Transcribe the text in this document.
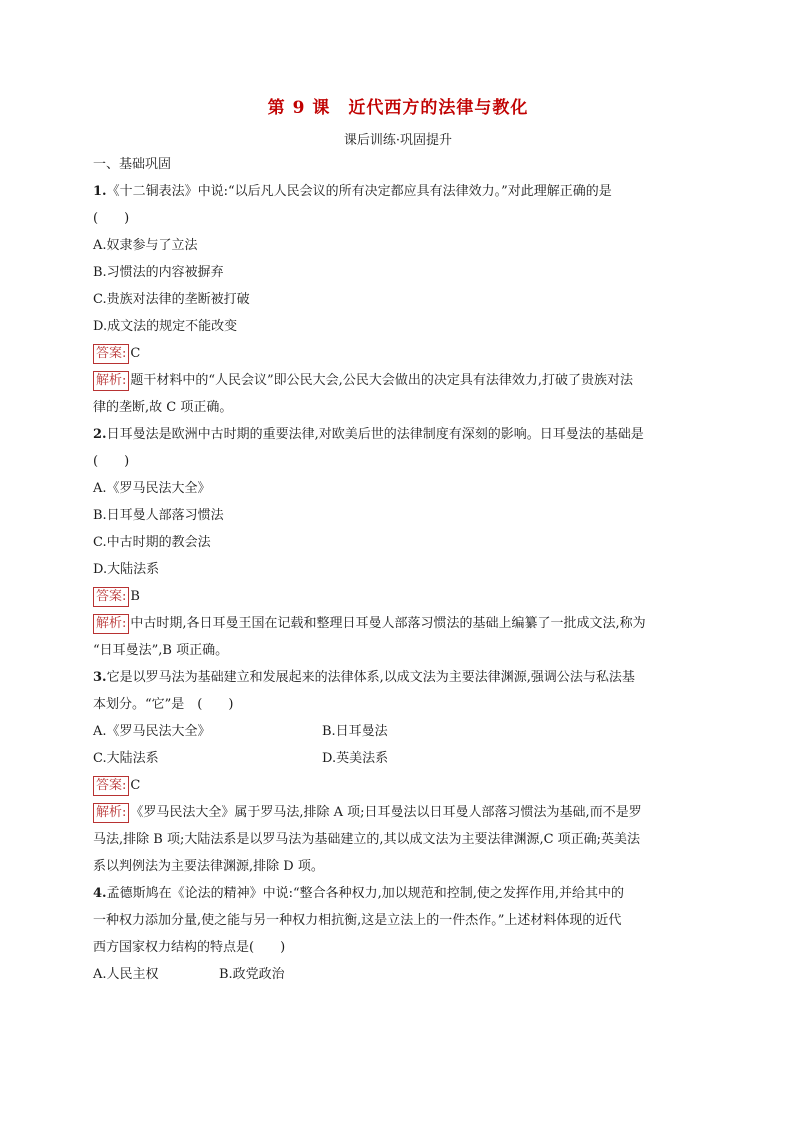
第 9 课　近代西方的法律与教化
课后训练·巩固提升
一、基础巩固
1.《十二铜表法》中说:“以后凡人民会议的所有决定都应具有法律效力。”对此理解正确的是
(　　)
A.奴隶参与了立法
B.习惯法的内容被摒弃
C.贵族对法律的垄断被打破
D.成文法的规定不能改变
答案: C
解析: 题干材料中的“人民会议”即公民大会,公民大会做出的决定具有法律效力,打破了贵族对法
律的垄断,故 C 项正确。
2.日耳曼法是欧洲中古时期的重要法律,对欧美后世的法律制度有深刻的影响。日耳曼法的基础是
(　　)
A.《罗马民法大全》
B.日耳曼人部落习惯法
C.中古时期的教会法
D.大陆法系
答案: B
解析: 中古时期,各日耳曼王国在记载和整理日耳曼人部落习惯法的基础上编纂了一批成文法,称为
“日耳曼法”,B 项正确。
3.它是以罗马法为基础建立和发展起来的法律体系,以成文法为主要法律渊源,强调公法与私法基
本划分。“它”是　(　　)
A.《罗马民法大全》	B.日耳曼法
C.大陆法系	D.英美法系
答案: C
解析: 《罗马民法大全》属于罗马法,排除 A 项;日耳曼法以日耳曼人部落习惯法为基础,而不是罗
马法,排除 B 项;大陆法系是以罗马法为基础建立的,其以成文法为主要法律渊源,C 项正确;英美法
系以判例法为主要法律渊源,排除 D 项。
4.孟德斯鸠在《论法的精神》中说:“整合各种权力,加以规范和控制,使之发挥作用,并给其中的
一种权力添加分量,使之能与另一种权力相抗衡,这是立法上的一件杰作。”上述材料体现的近代
西方国家权力结构的特点是(　　)
A.人民主权	B.政党政治
